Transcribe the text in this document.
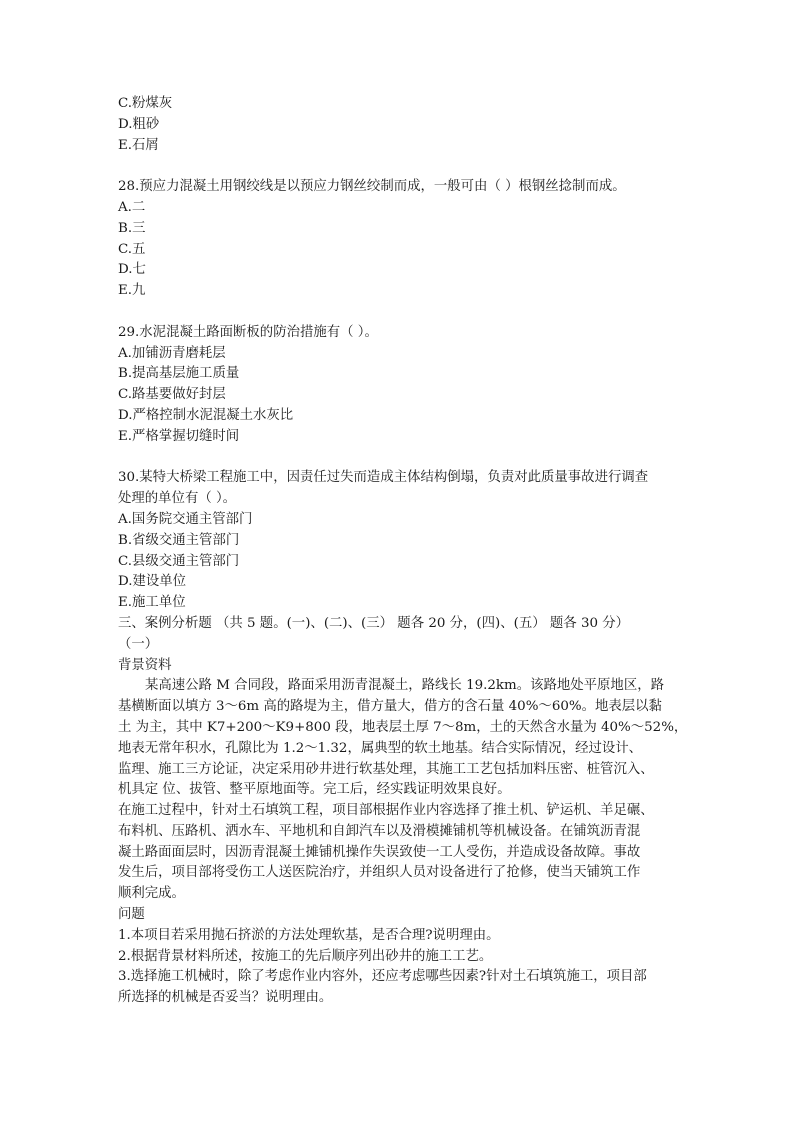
C.粉煤灰
D.粗砂
E.石屑
28.预应力混凝土用钢绞线是以预应力钢丝绞制而成，一般可由（ ）根钢丝捻制而成。
A.二
B.三
C.五
D.七
E.九
29.水泥混凝土路面断板的防治措施有（ ）。
A.加铺沥青磨耗层
B.提高基层施工质量
C.路基要做好封层
D.严格控制水泥混凝土水灰比
E.严格掌握切缝时间
30.某特大桥梁工程施工中，因责任过失而造成主体结构倒塌，负责对此质量事故进行调查
处理的单位有（ ）。
A.国务院交通主管部门
B.省级交通主管部门
C.县级交通主管部门
D.建设单位
E.施工单位
三、案例分析题 （共 5 题。(一)、(二)、(三） 题各 20 分，(四)、(五） 题各 30 分）
（一）
背景资料
某高速公路 M 合同段，路面采用沥青混凝土，路线长 19.2km。该路地处平原地区，路
基横断面以填方 3～6m 高的路堤为主，借方量大，借方的含石量 40%～60%。地表层以黏
土 为主，其中 K7+200～K9+800 段，地表层土厚 7～8m，土的天然含水量为 40%～52%，
地表无常年积水，孔隙比为 1.2～1.32，属典型的软土地基。结合实际情况，经过设计、
监理、施工三方论证，决定采用砂井进行软基处理，其施工工艺包括加料压密、桩管沉入、
机具定 位、拔管、整平原地面等。完工后，经实践证明效果良好。
在施工过程中，针对土石填筑工程，项目部根据作业内容选择了推土机、铲运机、羊足碾、
布料机、压路机、洒水车、平地机和自卸汽车以及滑模摊铺机等机械设备。在铺筑沥青混
凝土路面面层时，因沥青混凝土摊铺机操作失误致使一工人受伤，并造成设备故障。事故
发生后，项目部将受伤工人送医院治疗，并组织人员对设备进行了抢修，使当天铺筑工作
顺利完成。
问题
1.本项目若采用抛石挤淤的方法处理软基，是否合理?说明理由。
2.根据背景材料所述，按施工的先后顺序列出砂井的施工工艺。
3.选择施工机械时，除了考虑作业内容外，还应考虑哪些因素?针对土石填筑施工，项目部
所选择的机械是否妥当？说明理由。
